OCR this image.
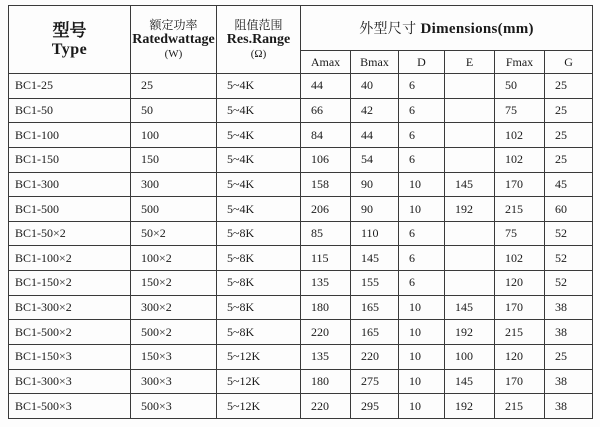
型号
Type	额定功率
Ratedwattage
(W)	阻值范围
Res.Range
(Ω)	外型尺寸 Dimensions(mm)					
			Amax	Bmax	D	E	Fmax	G
BC1-25	25	5~4K	44	40	6		50	25
BC1-50	50	5~4K	66	42	6		75	25
BC1-100	100	5~4K	84	44	6		102	25
BC1-150	150	5~4K	106	54	6		102	25
BC1-300	300	5~4K	158	90	10	145	170	45
BC1-500	500	5~4K	206	90	10	192	215	60
BC1-50×2	50×2	5~8K	85	110	6		75	52
BC1-100×2	100×2	5~8K	115	145	6		102	52
BC1-150×2	150×2	5~8K	135	155	6		120	52
BC1-300×2	300×2	5~8K	180	165	10	145	170	38
BC1-500×2	500×2	5~8K	220	165	10	192	215	38
BC1-150×3	150×3	5~12K	135	220	10	100	120	25
BC1-300×3	300×3	5~12K	180	275	10	145	170	38
BC1-500×3	500×3	5~12K	220	295	10	192	215	38
